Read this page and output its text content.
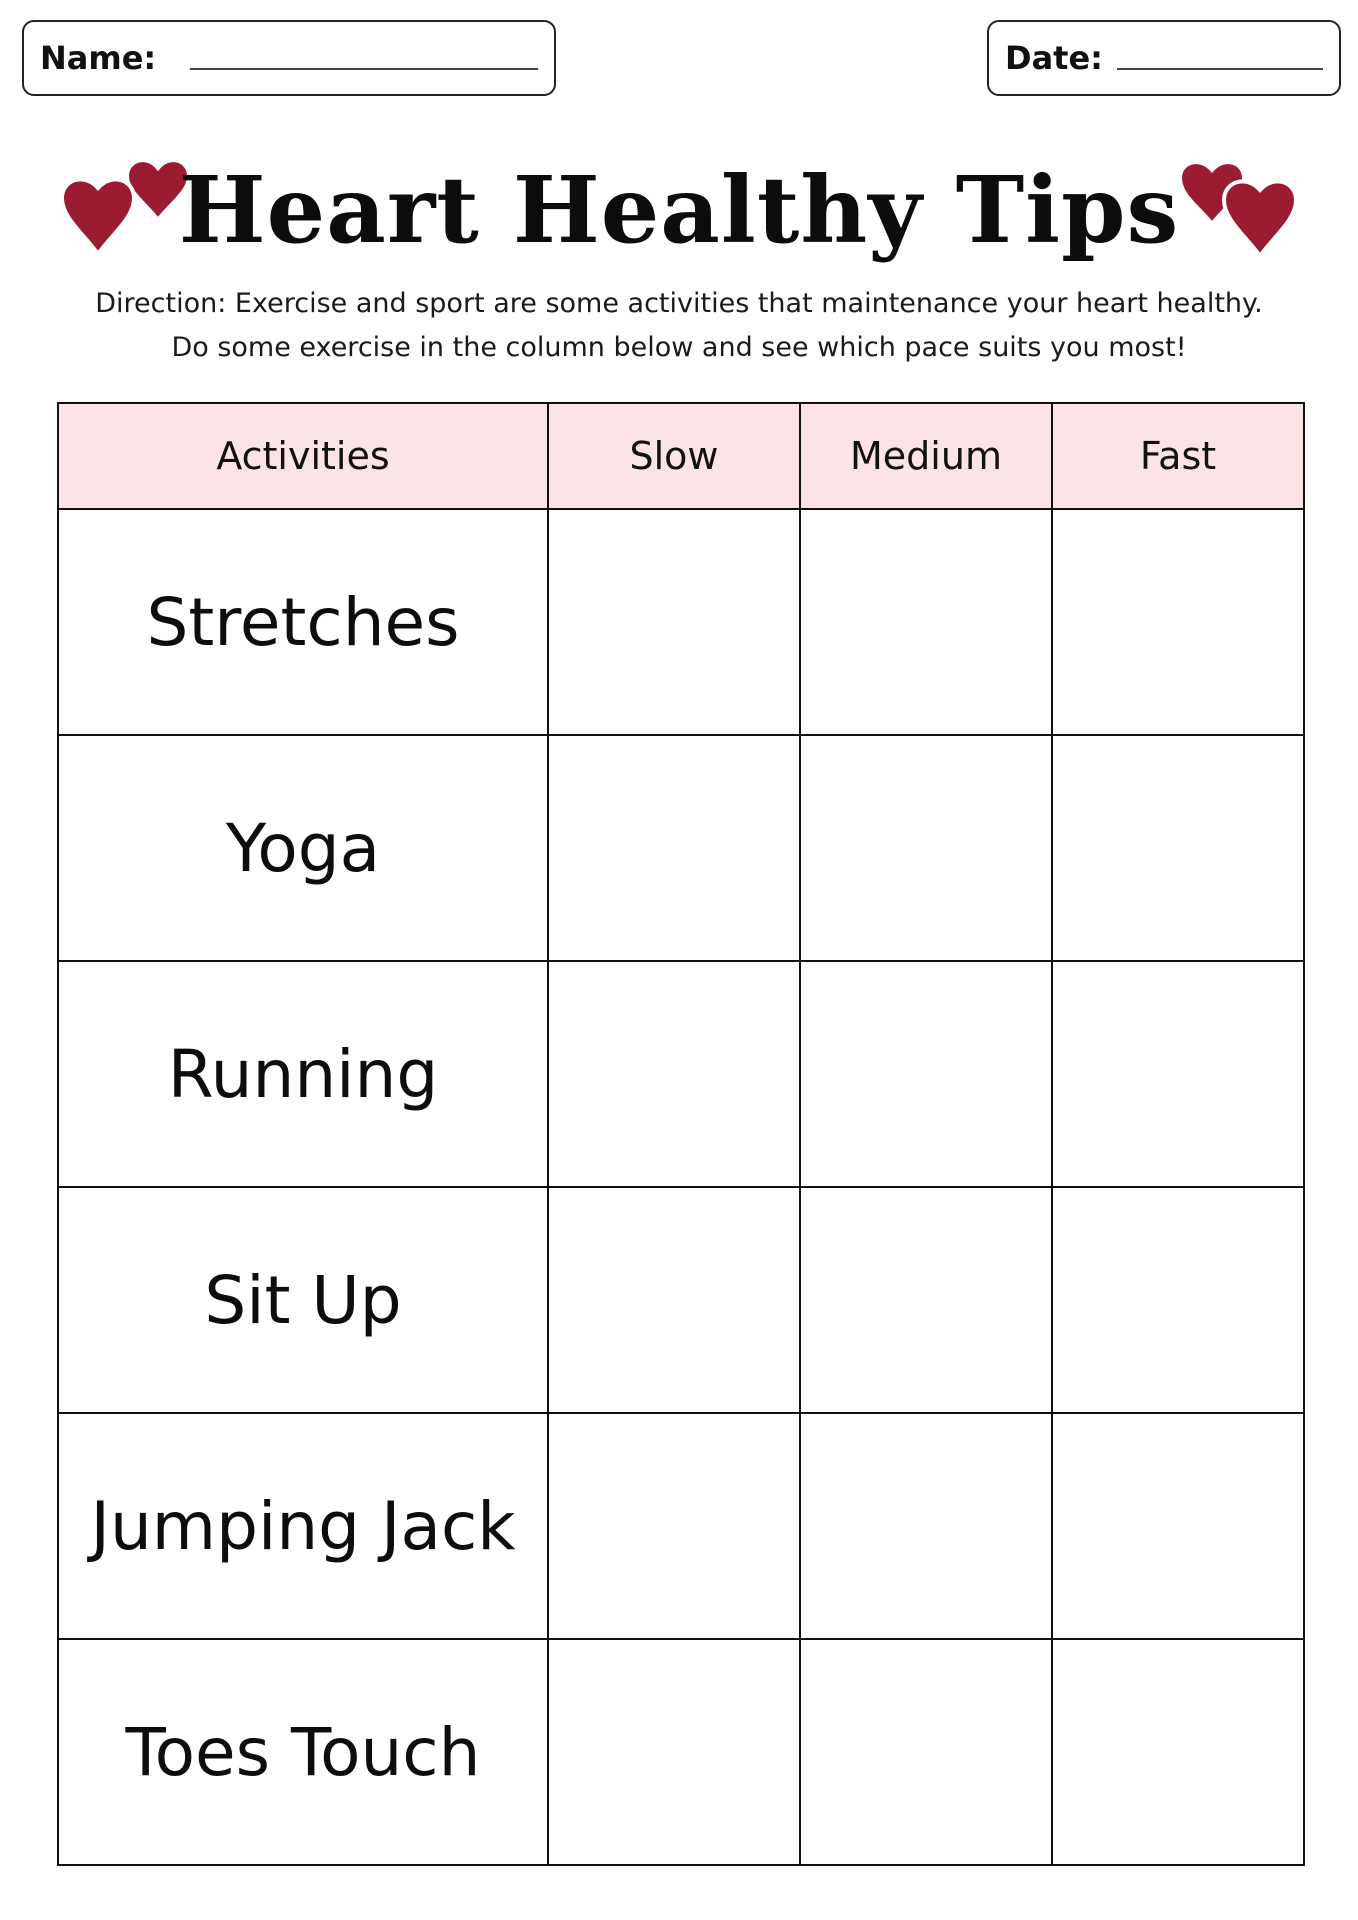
Name:	Date:
Heart Healthy Tips
Direction: Exercise and sport are some activities that maintenance your heart healthy.
Do some exercise in the column below and see which pace suits you most!
Activities	Slow	Medium	Fast
Stretches			
Yoga			
Running			
Sit Up			
Jumping Jack			
Toes Touch			
